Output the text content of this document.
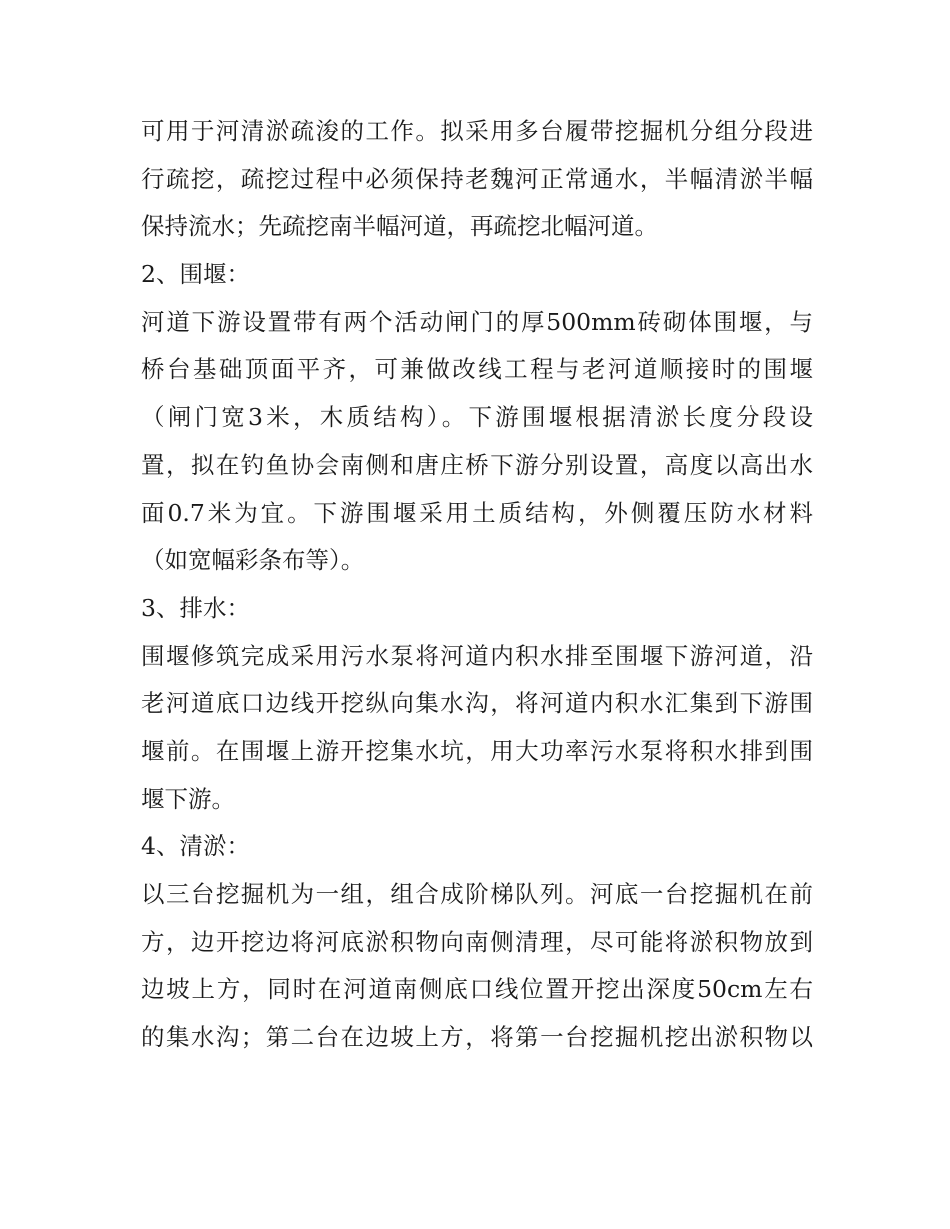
可用于河清淤疏浚的工作。拟采用多台履带挖掘机分组分段进
行疏挖，疏挖过程中必须保持老魏河正常通水，半幅清淤半幅
保持流水；先疏挖南半幅河道，再疏挖北幅河道。
2、围堰：
河道下游设置带有两个活动闸门的厚500mm砖砌体围堰，与
桥台基础顶面平齐，可兼做改线工程与老河道顺接时的围堰
（闸门宽3米，木质结构）。下游围堰根据清淤长度分段设
置，拟在钓鱼协会南侧和唐庄桥下游分别设置，高度以高出水
面0.7米为宜。下游围堰采用土质结构，外侧覆压防水材料
（如宽幅彩条布等）。
3、排水：
围堰修筑完成采用污水泵将河道内积水排至围堰下游河道，沿
老河道底口边线开挖纵向集水沟，将河道内积水汇集到下游围
堰前。在围堰上游开挖集水坑，用大功率污水泵将积水排到围
堰下游。
4、清淤：
以三台挖掘机为一组，组合成阶梯队列。河底一台挖掘机在前
方，边开挖边将河底淤积物向南侧清理，尽可能将淤积物放到
边坡上方，同时在河道南侧底口线位置开挖出深度50cm左右
的集水沟；第二台在边坡上方，将第一台挖掘机挖出淤积物以
